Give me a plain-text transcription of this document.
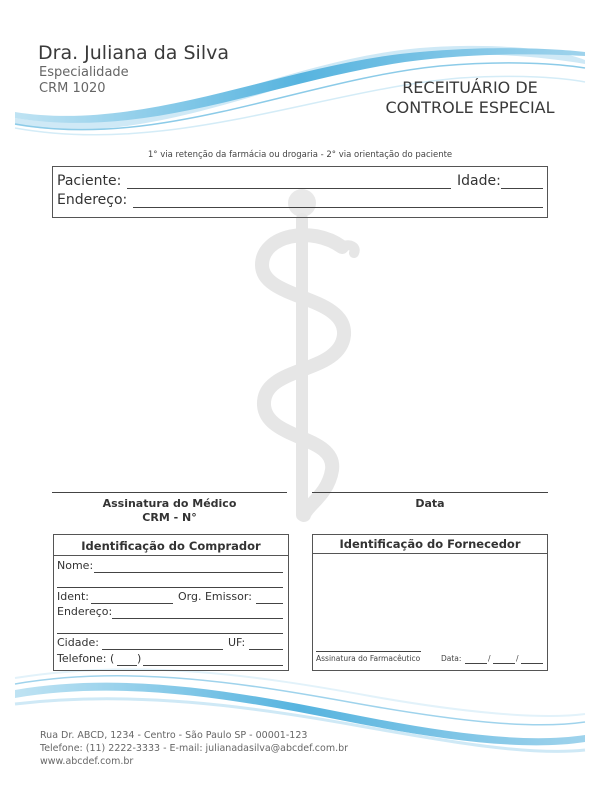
Dra. Juliana da Silva
Especialidade
CRM 1020	RECEITUÁRIO DE
CONTROLE ESPECIAL
1° via retenção da farmácia ou drogaria - 2° via orientação do paciente
Paciente:	Idade:
Endereço:
Assinatura do Médico
CRM - N°
Data
Identificação do Comprador
Nome:
Ident:	Org. Emissor:
Endereço:
Cidade:	UF:
Telefone: ( )
Identificação do Fornecedor
Assinatura do Farmacêutico	Data:	/	/
Rua Dr. ABCD, 1234 - Centro - São Paulo SP - 00001-123
Telefone: (11) 2222-3333 - E-mail: julianadasilva@abcdef.com.br
www.abcdef.com.br
